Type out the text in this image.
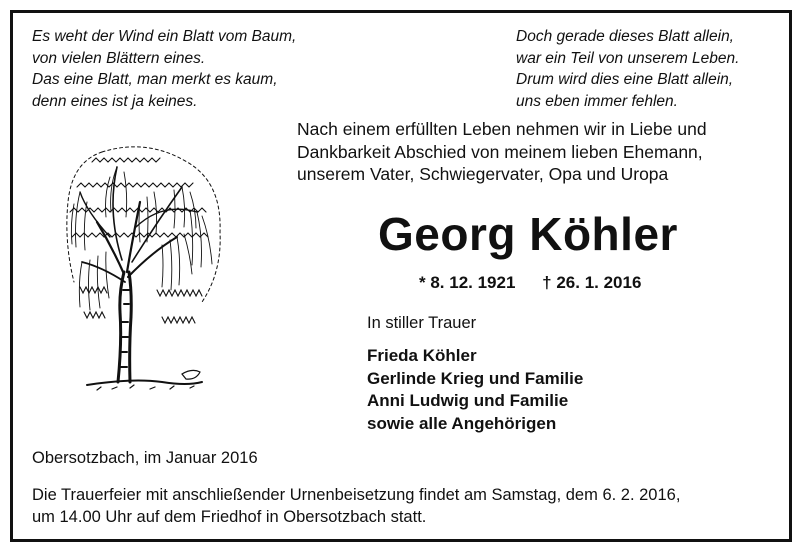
Es weht der Wind ein Blatt vom Baum,
von vielen Blättern eines.
Das eine Blatt, man merkt es kaum,
denn eines ist ja keines.
Doch gerade dieses Blatt allein,
war ein Teil von unserem Leben.
Drum wird dies eine Blatt allein,
uns eben immer fehlen.
Nach einem erfüllten Leben nehmen wir in Liebe und
Dankbarkeit Abschied von meinem lieben Ehemann,
unserem Vater, Schwiegervater, Opa und Uropa
Georg Köhler
* 8. 12. 1921 † 26. 1. 2016
In stiller Trauer
Frieda Köhler
Gerlinde Krieg und Familie
Anni Ludwig und Familie
sowie alle Angehörigen
Obersotzbach, im Januar 2016
Die Trauerfeier mit anschließender Urnenbeisetzung findet am Samstag, dem 6. 2. 2016,
um 14.00 Uhr auf dem Friedhof in Obersotzbach statt.
